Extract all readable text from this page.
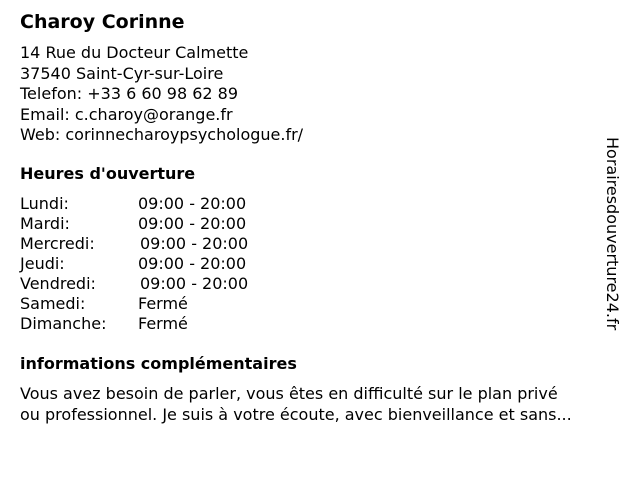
Charoy Corinne
14 Rue du Docteur Calmette
37540 Saint-Cyr-sur-Loire
Telefon: +33 6 60 98 62 89
Email: c.charoy@orange.fr
Web: corinnecharoypsychologue.fr/
Heures d'ouverture
Lundi:	09:00 - 20:00
Mardi:	09:00 - 20:00
Mercredi:	09:00 - 20:00
Jeudi:	09:00 - 20:00
Vendredi:	09:00 - 20:00
Samedi:	Fermé
Dimanche: Fermé
informations complémentaires
Vous avez besoin de parler, vous êtes en difficulté sur le plan privé
ou professionnel. Je suis à votre écoute, avec bienveillance et sans...
Horairesdouverture24.fr
